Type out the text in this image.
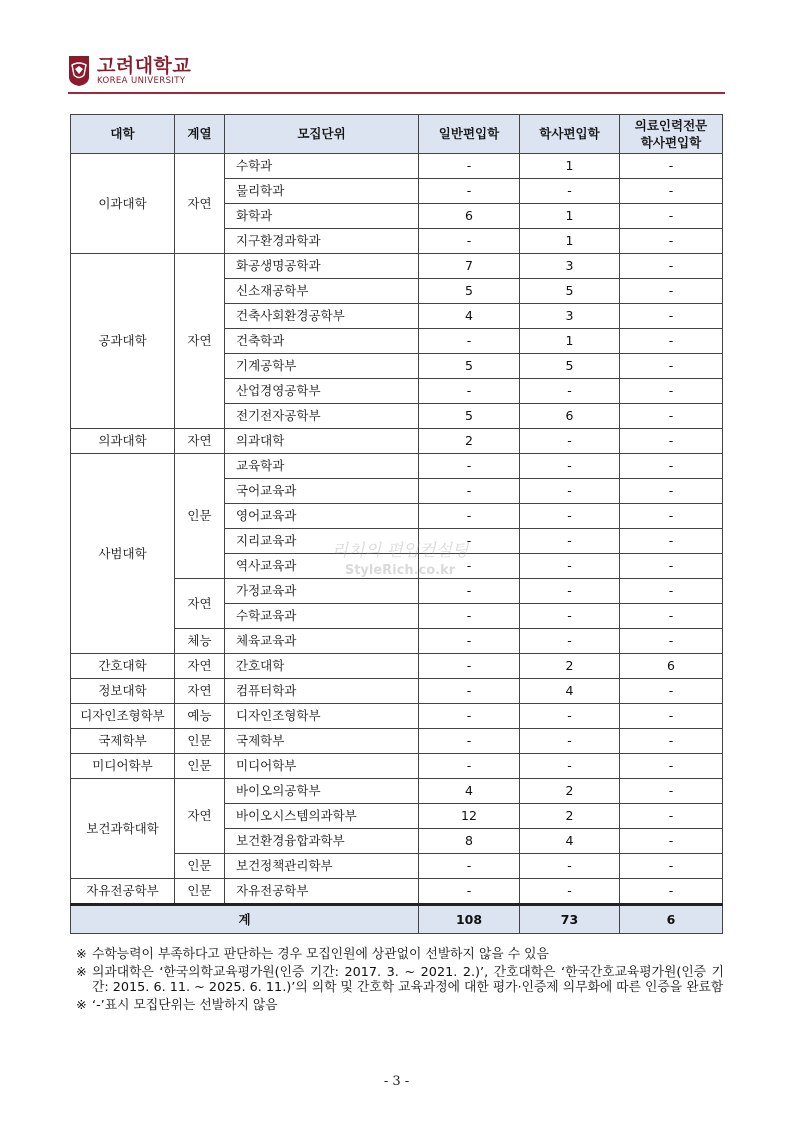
고려대학교
KOREA UNIVERSITY
대학	계열	모집단위	일반편입학	학사편입학	의료인력전문
학사편입학
이과대학	자연	수학과	-	1	-
		물리학과	-	-	-
		화학과	6	1	-
		지구환경과학과	-	1	-
공과대학	자연	화공생명공학과	7	3	-
		신소재공학부	5	5	-
		건축사회환경공학부	4	3	-
		건축학과	-	1	-
		기계공학부	5	5	-
		산업경영공학부	-	-	-
		전기전자공학부	5	6	-
의과대학	자연	의과대학	2	-	-
사범대학	인문	교육학과	-	-	-
		국어교육과	-	-	-
		영어교육과	-	-	-
		지리교육과	-	-	-
		역사교육과	-	-	-
	자연	가정교육과	-	-	-
		수학교육과	-	-	-
	체능	체육교육과	-	-	-
간호대학	자연	간호대학	-	2	6
정보대학	자연	컴퓨터학과	-	4	-
디자인조형학부	예능	디자인조형학부	-	-	-
국제학부	인문	국제학부	-	-	-
미디어학부	인문	미디어학부	-	-	-
보건과학대학	자연	바이오의공학부	4	2	-
		바이오시스템의과학부	12	2	-
		보건환경융합과학부	8	4	-
	인문	보건정책관리학부	-	-	-
자유전공학부	인문	자유전공학부	-	-	-
계			108	73	6
리치의 편입컨설팅
StyleRich.co.kr

※ 수학능력이 부족하다고 판단하는 경우 모집인원에 상관없이 선발하지 않을 수 있음

※ 의과대학은 ‘한국의학교육평가원(인증 기간: 2017. 3. ~ 2021. 2.)’, 간호대학은 ‘한국간호교육평가원(인증 기간: 2015. 6. 11. ~ 2025. 6. 11.)’의 의학 및 간호학 교육과정에 대한 평가·인증제 의무화에 따른 인증을 완료함

※ ‘-’표시 모집단위는 선발하지 않음

- 3 -
